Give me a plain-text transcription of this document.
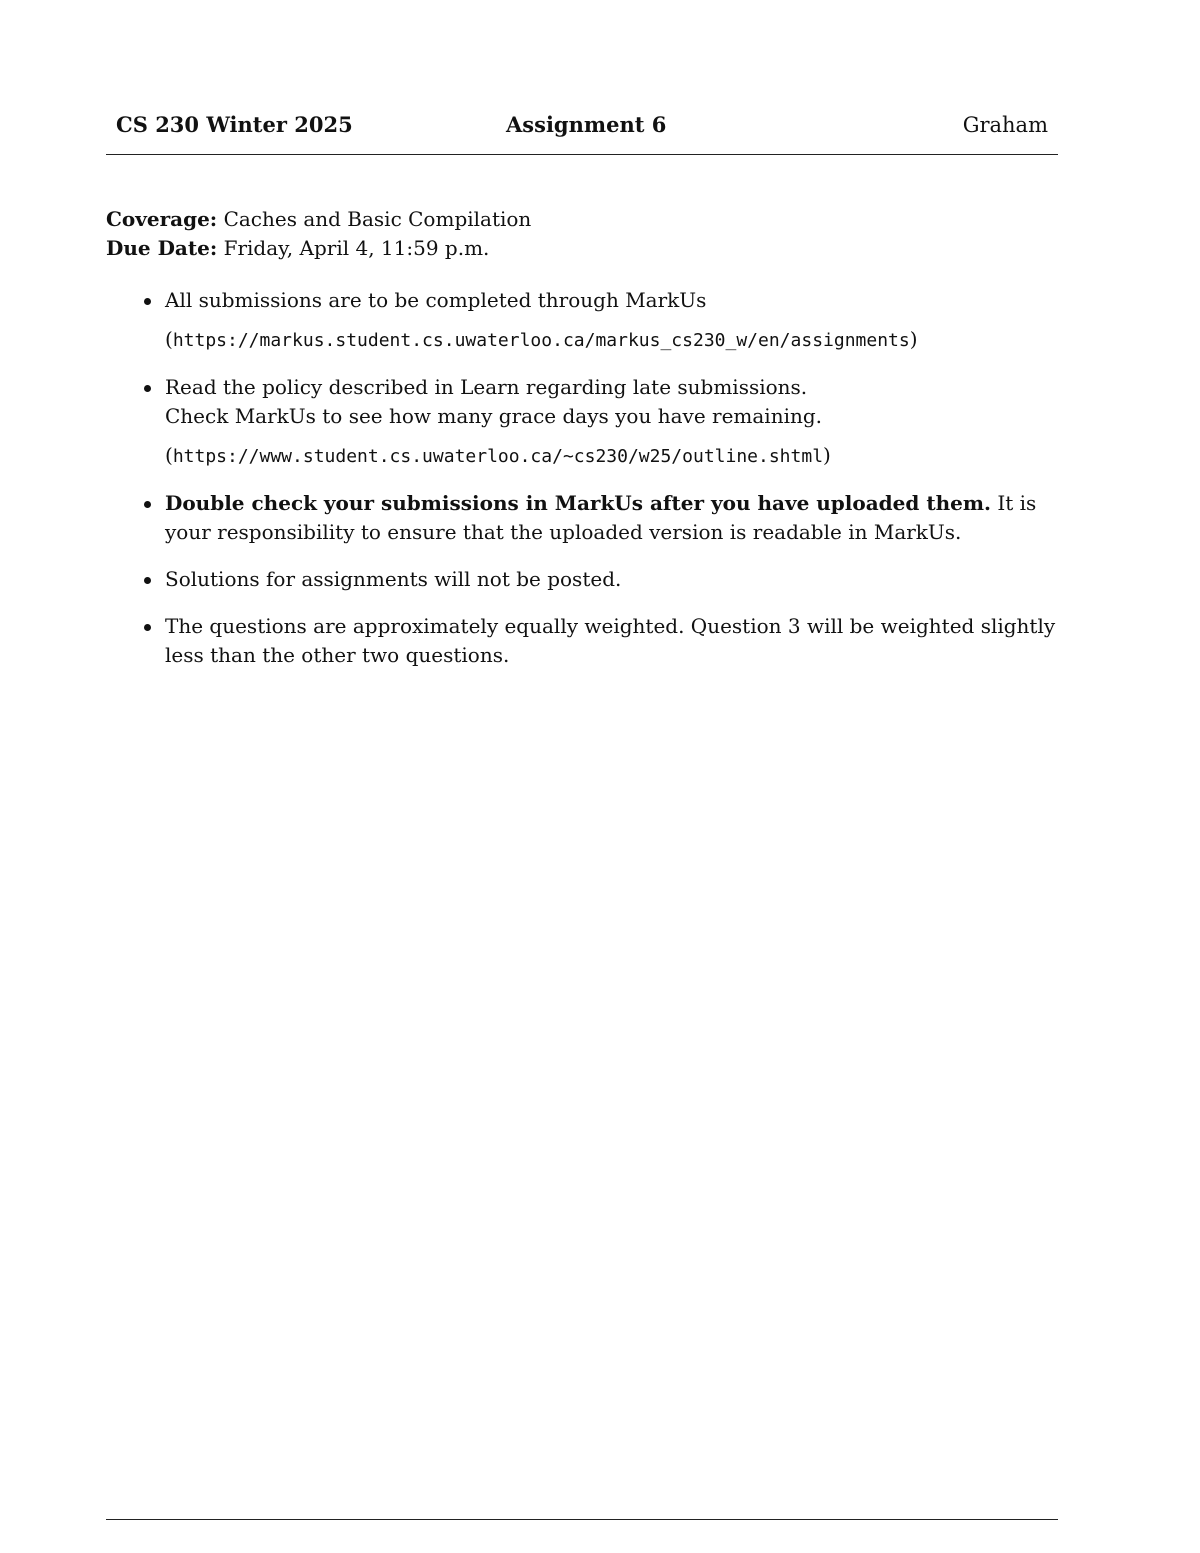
CS 230 Winter 2025	Assignment 6	Graham
Coverage: Caches and Basic Compilation
Due Date: Friday, April 4, 11:59 p.m.
All submissions are to be completed through MarkUs
(https://markus.student.cs.uwaterloo.ca/markus_cs230_w/en/assignments)
Read the policy described in Learn regarding late submissions.
Check MarkUs to see how many grace days you have remaining.
(https://www.student.cs.uwaterloo.ca/~cs230/w25/outline.shtml)
Double check your submissions in MarkUs after you have uploaded them. It is your responsibility to ensure that the uploaded version is readable in MarkUs.
Solutions for assignments will not be posted.
The questions are approximately equally weighted. Question 3 will be weighted slightly less than the other two questions.
